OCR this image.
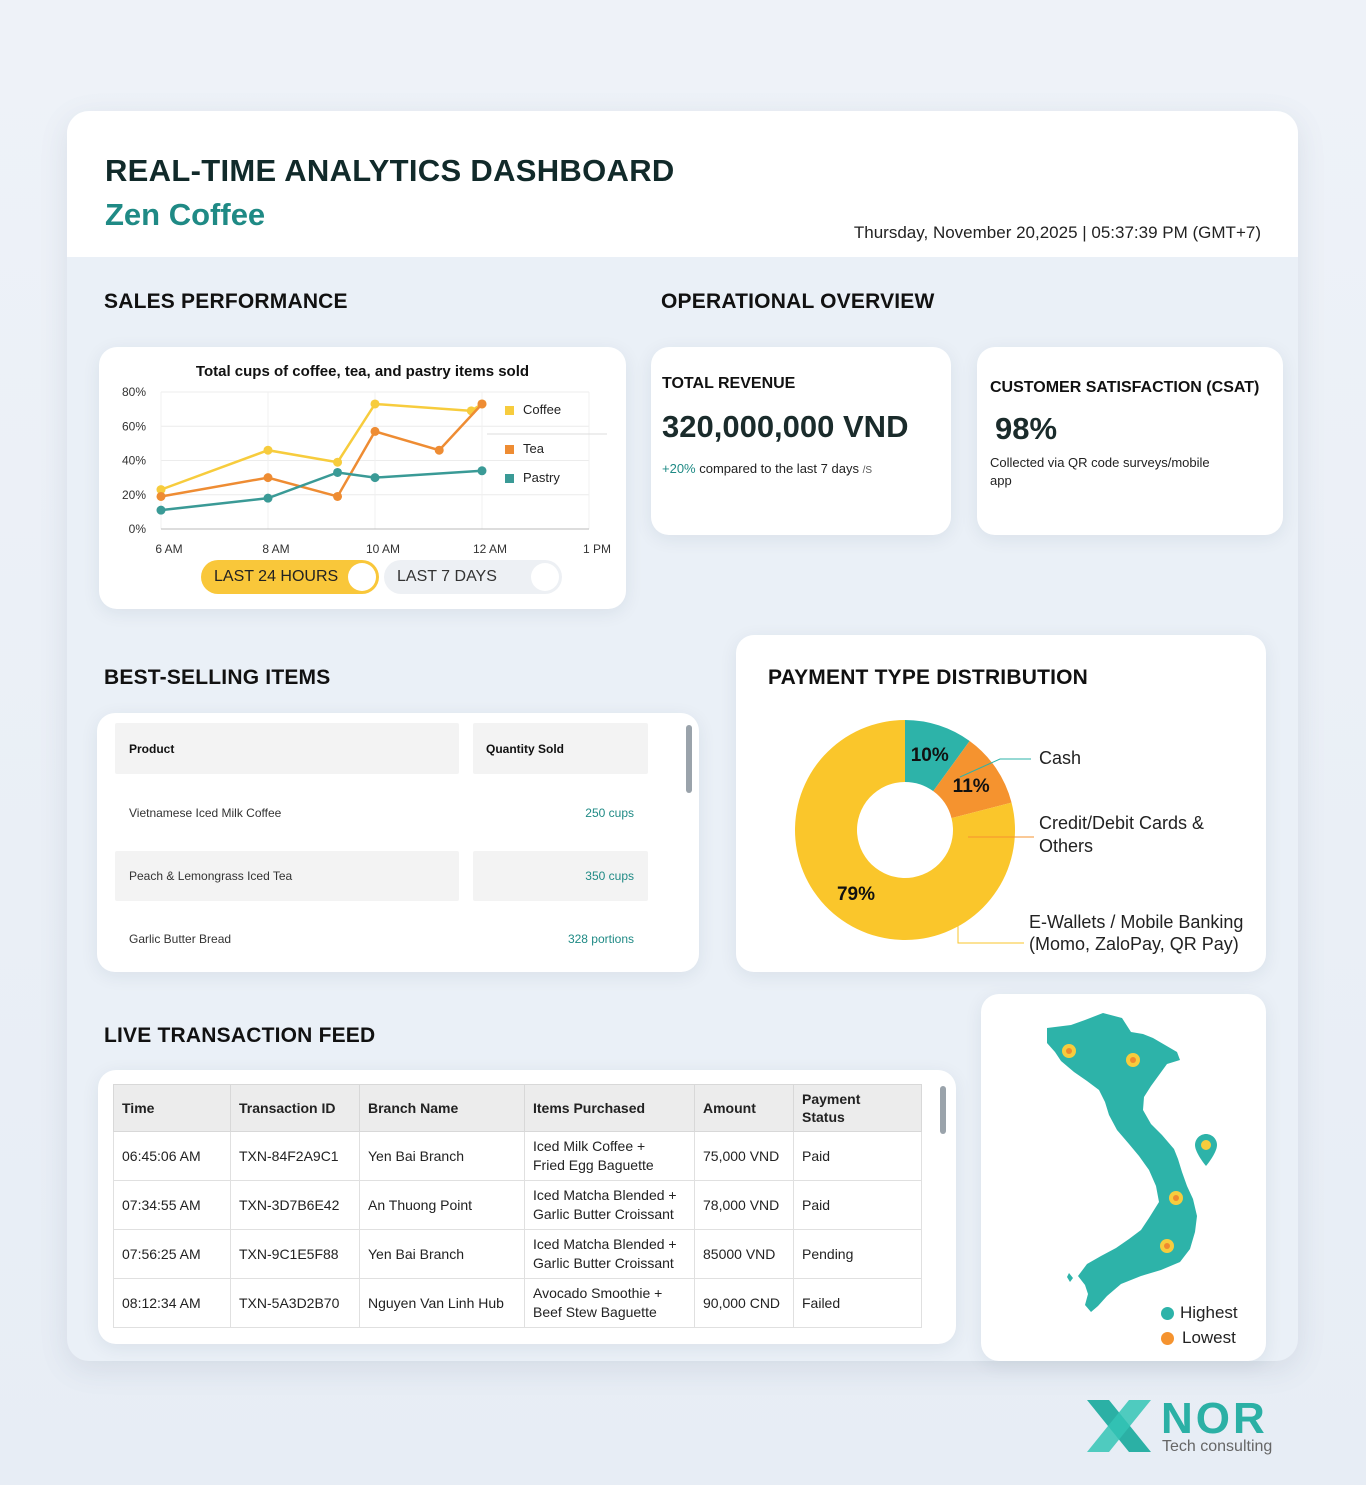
REAL-TIME ANALYTICS DASHBOARD
Zen Coffee
Thursday, November 20,2025 | 05:37:39 PM (GMT+7)
SALES PERFORMANCE
Total cups of coffee, tea, and pastry items sold
0%
20%
40%
60%
80%
6 AM	8 AM	10 AM	12 AM	1 PM
Coffee
Tea
Pastry
LAST 24 HOURS	LAST 7 DAYS
OPERATIONAL OVERVIEW
TOTAL REVENUE
320,000,000 VND
+20% compared to the last 7 days /S
CUSTOMER SATISFACTION (CSAT)
98%
Collected via QR code surveys/mobile
app
BEST-SELLING ITEMS
Product	Quantity Sold
Vietnamese Iced Milk Coffee	250 cups
Peach & Lemongrass Iced Tea	350 cups
Garlic Butter Bread	328 portions
PAYMENT TYPE DISTRIBUTION
10%
11%
79%
Cash
Credit/Debit Cards &
Others
E-Wallets / Mobile Banking
(Momo, ZaloPay, QR Pay)
LIVE TRANSACTION FEED
Time	Transaction ID	Branch Name	Items Purchased	Amount	Payment
Status
06:45:06 AM	TXN-84F2A9C1	Yen Bai Branch	Iced Milk Coffee +
Fried Egg Baguette	75,000 VND	Paid
07:34:55 AM	TXN-3D7B6E42	An Thuong Point	Iced Matcha Blended +
Garlic Butter Croissant	78,000 VND	Paid
07:56:25 AM	TXN-9C1E5F88	Yen Bai Branch	Iced Matcha Blended +
Garlic Butter Croissant	85000 VND	Pending
08:12:34 AM	TXN-5A3D2B70	Nguyen Van Linh Hub	Avocado Smoothie +
Beef Stew Baguette	90,000 CND	Failed
Highest
Lowest
NOR
Tech consulting
